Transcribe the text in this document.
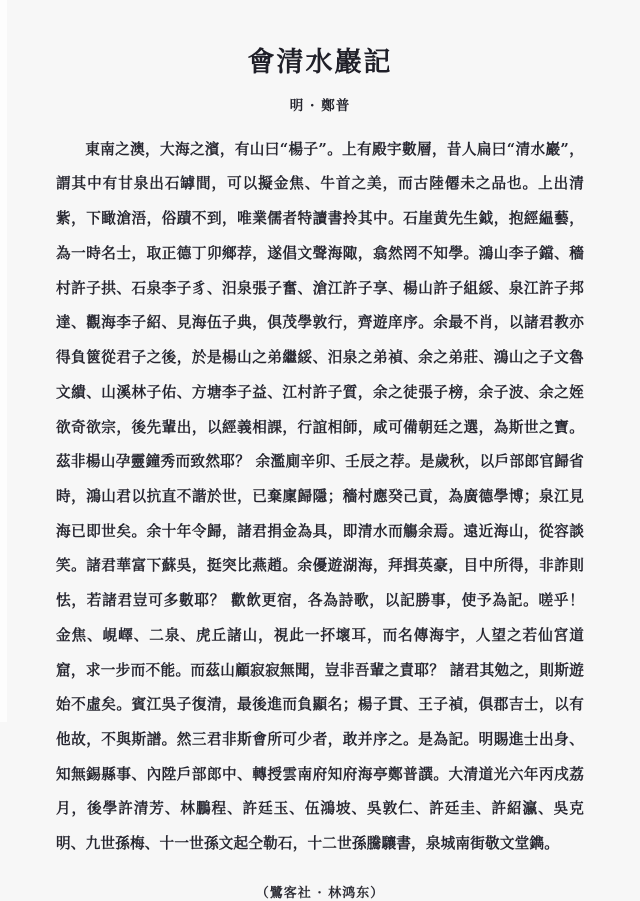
會清水巖記
明 · 鄭普

東南之澳，大海之濱，有山曰“楊子”。上有殿宇數層，昔人扁曰“清水巖”，謂其中有甘泉出石罅間，可以擬金焦、牛首之美，而古陸僊未之品也。上出清紫，下瞰滄浯，俗蹟不到，唯業儒者特讀書拎其中。石崖黄先生鉞，抱經緼藝，為一時名士，取正德丁卯鄉荐，遂倡文聲海陬，翕然罔不知學。鴻山李子鐺、穡村許子拱、石泉李子豸、汨泉張子奮、滄江許子享、楊山許子組綏、泉江許子邦達、觀海李子紹、見海伍子典，俱茂學敦行，齊遊庠序。余最不肖，以諸君教亦得負篋從君子之後，於是楊山之弟繼綏、汨泉之弟禎、余之弟莊、鴻山之子文魯文繢、山溪林子佑、方塘李子益、江村許子質，余之徒張子榜，余子波、余之姪欲奇欲宗，後先輩出，以經義相課，行誼相師，咸可備朝廷之選，為斯世之寶。茲非楊山孕靈鐘秀而致然耶？ 余濫廁辛卯、壬辰之荐。是歲秋，以戶部郎官歸省時，鴻山君以抗直不諧於世，已棄廩歸隱；穡村應癸己貢，為廣德學博；泉江見海已即世矣。余十年令歸，諸君捐金為具，即清水而觴余焉。遠近海山，從容談笑。諸君華富下蘇吳，挺突比燕趙。余優遊湖海，拜揖英豪，目中所得，非詐則怯，若諸君豈可多數耶？ 歡飲更宿，各為詩歌，以記勝事，使予為記。嗟乎！ 金焦、峴嶧、二泉、虎丘諸山，視此一抔壞耳，而名傳海宇，人望之若仙宮道窟，求一步而不能。而茲山顧寂寂無聞，豈非吾輩之責耶？ 諸君其勉之，則斯遊始不虛矣。賓江吳子復清，最後進而負顯名；楊子貫、王子禎，俱郡吉士，以有他故，不與斯譜。然三君非斯會所可少者，敢并序之。是為記。明賜進士出身、知無錫縣事、內陞戶部郎中、轉授雲南府知府海亭鄭普譔。大清道光六年丙戌荔月，後學許清芳、林鵬程、許廷玉、伍鴻坡、吳敦仁、許廷圭、許紹瀛、吳克明、九世孫梅、十一世孫文起仝勒石，十二世孫騰驤書，泉城南街敬文堂鐫。

（鷺客社 · 林鸿东）
